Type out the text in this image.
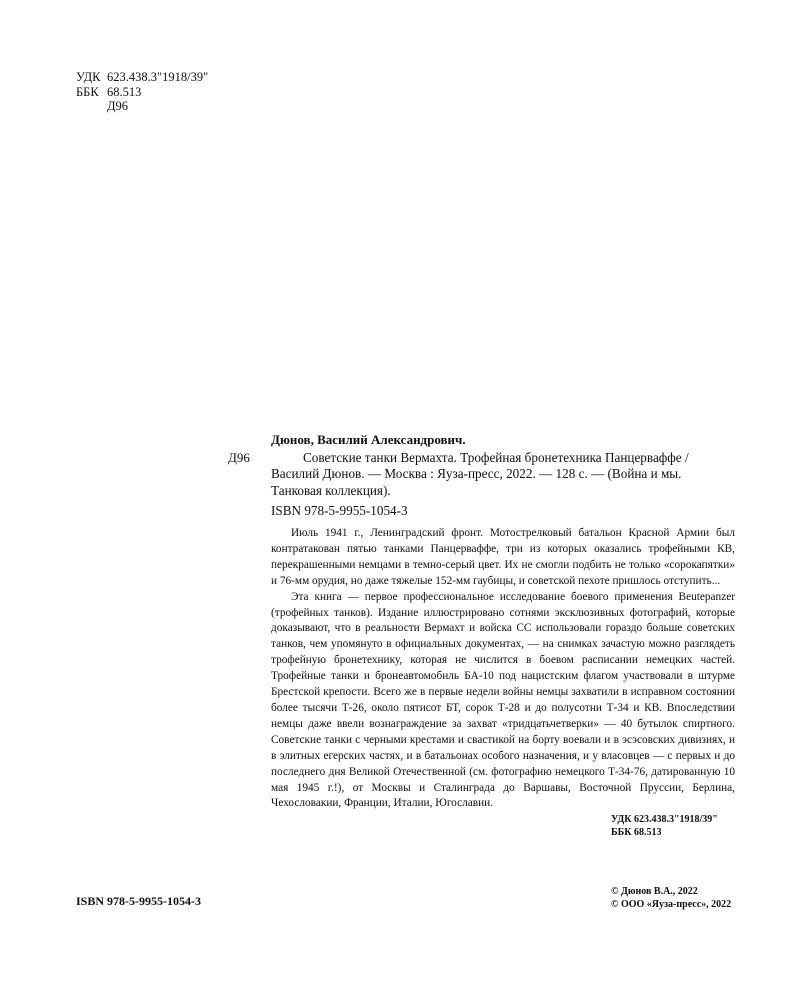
УДК 623.438.3"1918/39"
ББК 68.513
Д96
Дюнов, Василий Александрович.
Д96	Советские танки Вермахта. Трофейная бронетехника Панцерваффе /
Василий Дюнов. — Москва : Яуза-пресс, 2022. — 128 с. — (Война и мы.
Танковая коллекция).
ISBN 978-5-9955-1054-3

Июль 1941 г., Ленинградский фронт. Мотострелковый батальон Красной Армии был контратакован пятью танками Панцерваффе, три из которых оказались трофейными КВ, перекрашенными немцами в темно-серый цвет. Их не смогли подбить не только «сорокапятки» и 76-мм орудия, но даже тяжелые 152-мм гаубицы, и советской пехоте пришлось отступить...

Эта книга — первое профессиональное исследование боевого применения Beutepanzer (трофейных танков). Издание иллюстрировано сотнями эксклюзивных фотографий, которые доказывают, что в реальности Вермахт и войска СС использовали гораздо больше советских танков, чем упомянуто в официальных документах, — на снимках зачастую можно разглядеть трофейную бронетехнику, которая не числится в боевом расписании немецких частей. Трофейные танки и бронеавтомобиль БА-10 под нацистским флагом участвовали в штурме Брестской крепости. Всего же в первые недели войны немцы захватили в исправном состоянии более тысячи Т-26, около пятисот БТ, сорок Т-28 и до полусотни Т-34 и КВ. Впоследствии немцы даже ввели вознаграждение за захват «тридцатьчетверки» — 40 бутылок спиртного. Советские танки с черными крестами и свастикой на борту воевали и в эсэсовских дивизиях, и в элитных егерских частях, и в батальонах особого назначения, и у власовцев — с первых и до последнего дня Великой Отечественной (см. фотографию немецкого Т-34-76, датированную 10 мая 1945 г.!), от Москвы и Сталинграда до Варшавы, Восточной Пруссии, Берлина, Чехословакии, Франции, Италии, Югославии.

УДК 623.438.3"1918/39"
ББК 68.513
ISBN 978-5-9955-1054-3
© Дюнов В.А., 2022
© ООО «Яуза-пресс», 2022
